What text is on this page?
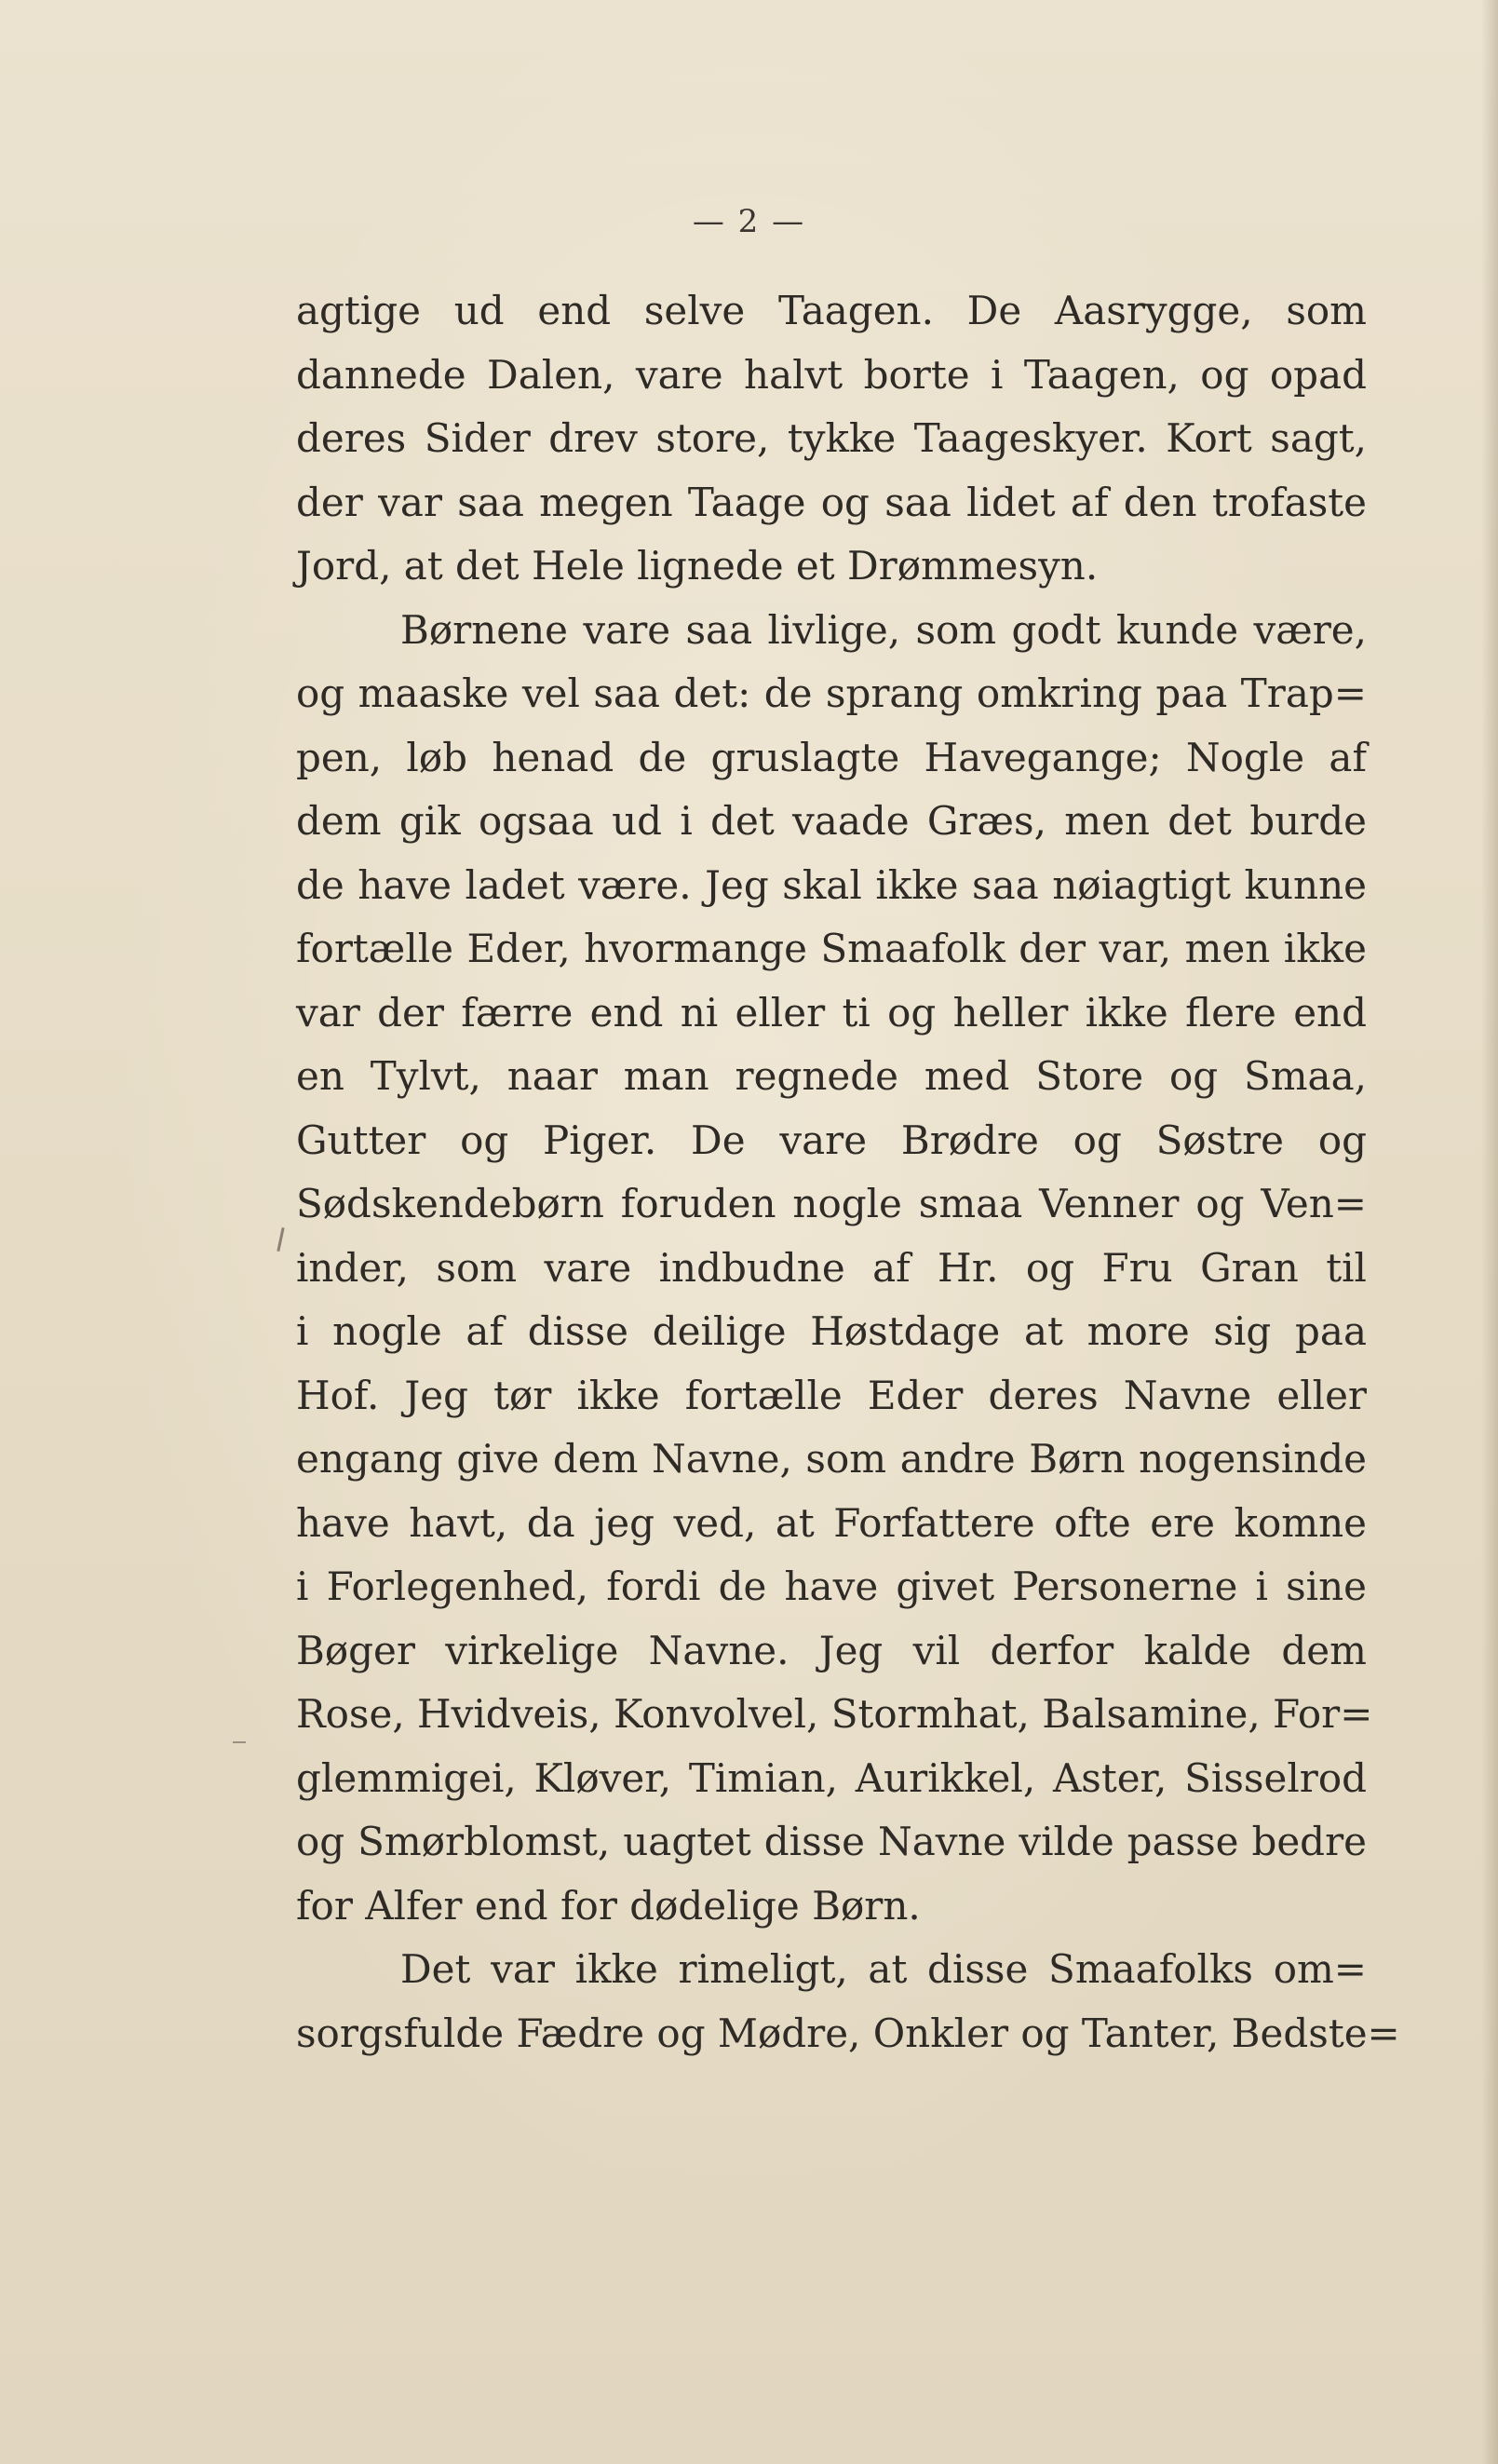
— 2 —
agtige ud end selve Taagen. De Aasrygge, som
dannede Dalen, vare halvt borte i Taagen, og opad
deres Sider drev store, tykke Taageskyer. Kort sagt,
der var saa megen Taage og saa lidet af den trofaste
Jord, at det Hele lignede et Drømmesyn.
Børnene vare saa livlige, som godt kunde være,
og maaske vel saa det: de sprang omkring paa Trap=
pen, løb henad de gruslagte Havegange; Nogle af
dem gik ogsaa ud i det vaade Græs, men det burde
de have ladet være. Jeg skal ikke saa nøiagtigt kunne
fortælle Eder, hvormange Smaafolk der var, men ikke
var der færre end ni eller ti og heller ikke flere end
en Tylvt, naar man regnede med Store og Smaa,
Gutter og Piger. De vare Brødre og Søstre og
Sødskendebørn foruden nogle smaa Venner og Ven=
inder, som vare indbudne af Hr. og Fru Gran til
i nogle af disse deilige Høstdage at more sig paa
Hof. Jeg tør ikke fortælle Eder deres Navne eller
engang give dem Navne, som andre Børn nogensinde
have havt, da jeg ved, at Forfattere ofte ere komne
i Forlegenhed, fordi de have givet Personerne i sine
Bøger virkelige Navne. Jeg vil derfor kalde dem
Rose, Hvidveis, Konvolvel, Stormhat, Balsamine, For=
glemmigei, Kløver, Timian, Aurikkel, Aster, Sisselrod
og Smørblomst, uagtet disse Navne vilde passe bedre
for Alfer end for dødelige Børn.
Det var ikke rimeligt, at disse Smaafolks om=
sorgsfulde Fædre og Mødre, Onkler og Tanter, Bedste=
